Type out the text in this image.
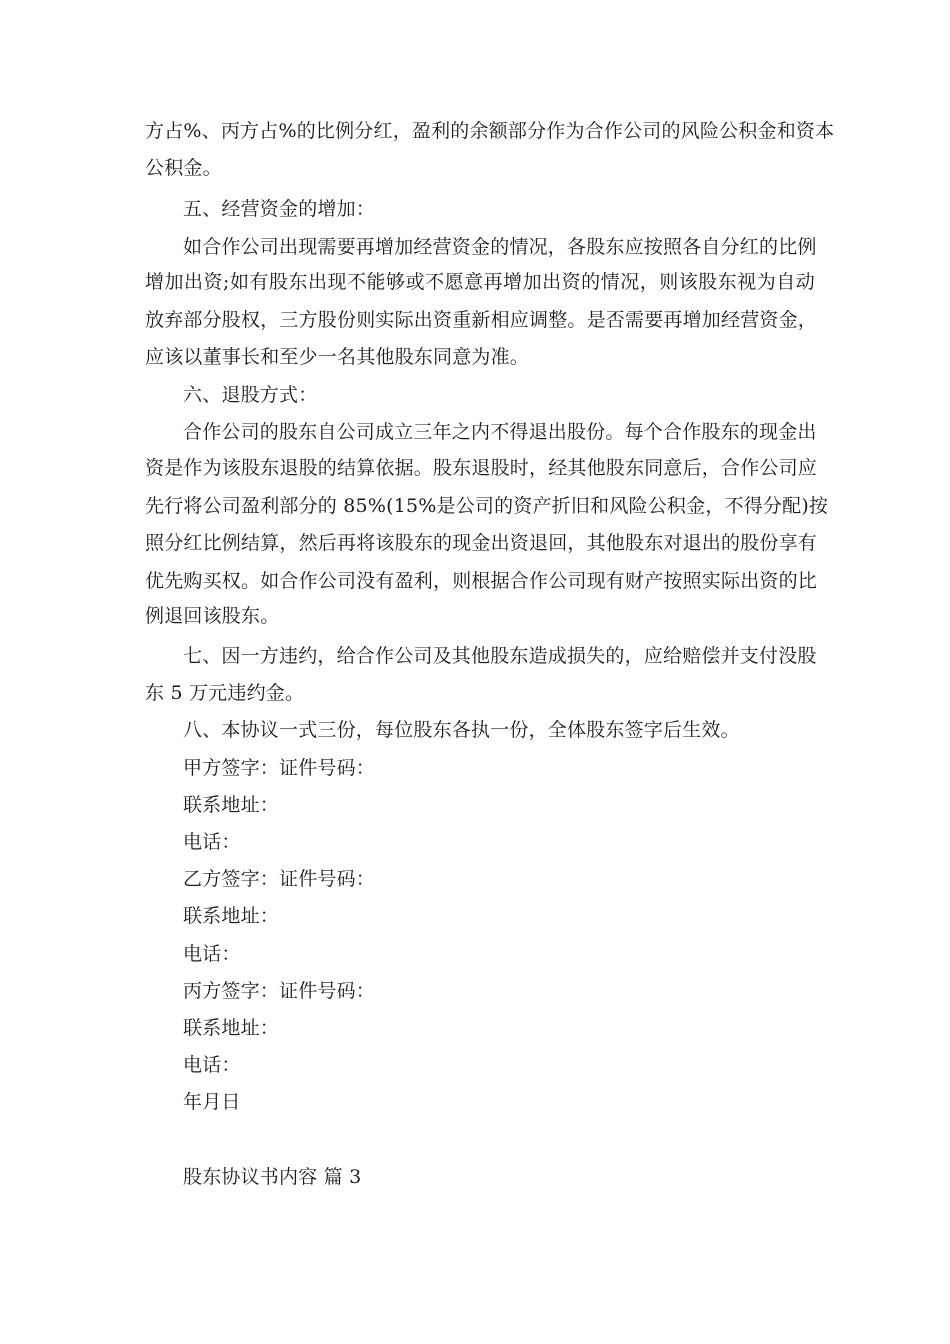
方占%、丙方占%的比例分红，盈利的余额部分作为合作公司的风险公积金和资本
公积金。
五、经营资金的增加：
如合作公司出现需要再增加经营资金的情况，各股东应按照各自分红的比例
增加出资;如有股东出现不能够或不愿意再增加出资的情况，则该股东视为自动
放弃部分股权，三方股份则实际出资重新相应调整。是否需要再增加经营资金，
应该以董事长和至少一名其他股东同意为准。
六、退股方式：
合作公司的股东自公司成立三年之内不得退出股份。每个合作股东的现金出
资是作为该股东退股的结算依据。股东退股时，经其他股东同意后，合作公司应
先行将公司盈利部分的 85%(15%是公司的资产折旧和风险公积金，不得分配)按
照分红比例结算，然后再将该股东的现金出资退回，其他股东对退出的股份享有
优先购买权。如合作公司没有盈利，则根据合作公司现有财产按照实际出资的比
例退回该股东。
七、因一方违约，给合作公司及其他股东造成损失的，应给赔偿并支付没股
东 5 万元违约金。
八、本协议一式三份，每位股东各执一份，全体股东签字后生效。
甲方签字：证件号码：
联系地址：
电话：
乙方签字：证件号码：
联系地址：
电话：
丙方签字：证件号码：
联系地址：
电话：
年月日
股东协议书内容 篇 3
